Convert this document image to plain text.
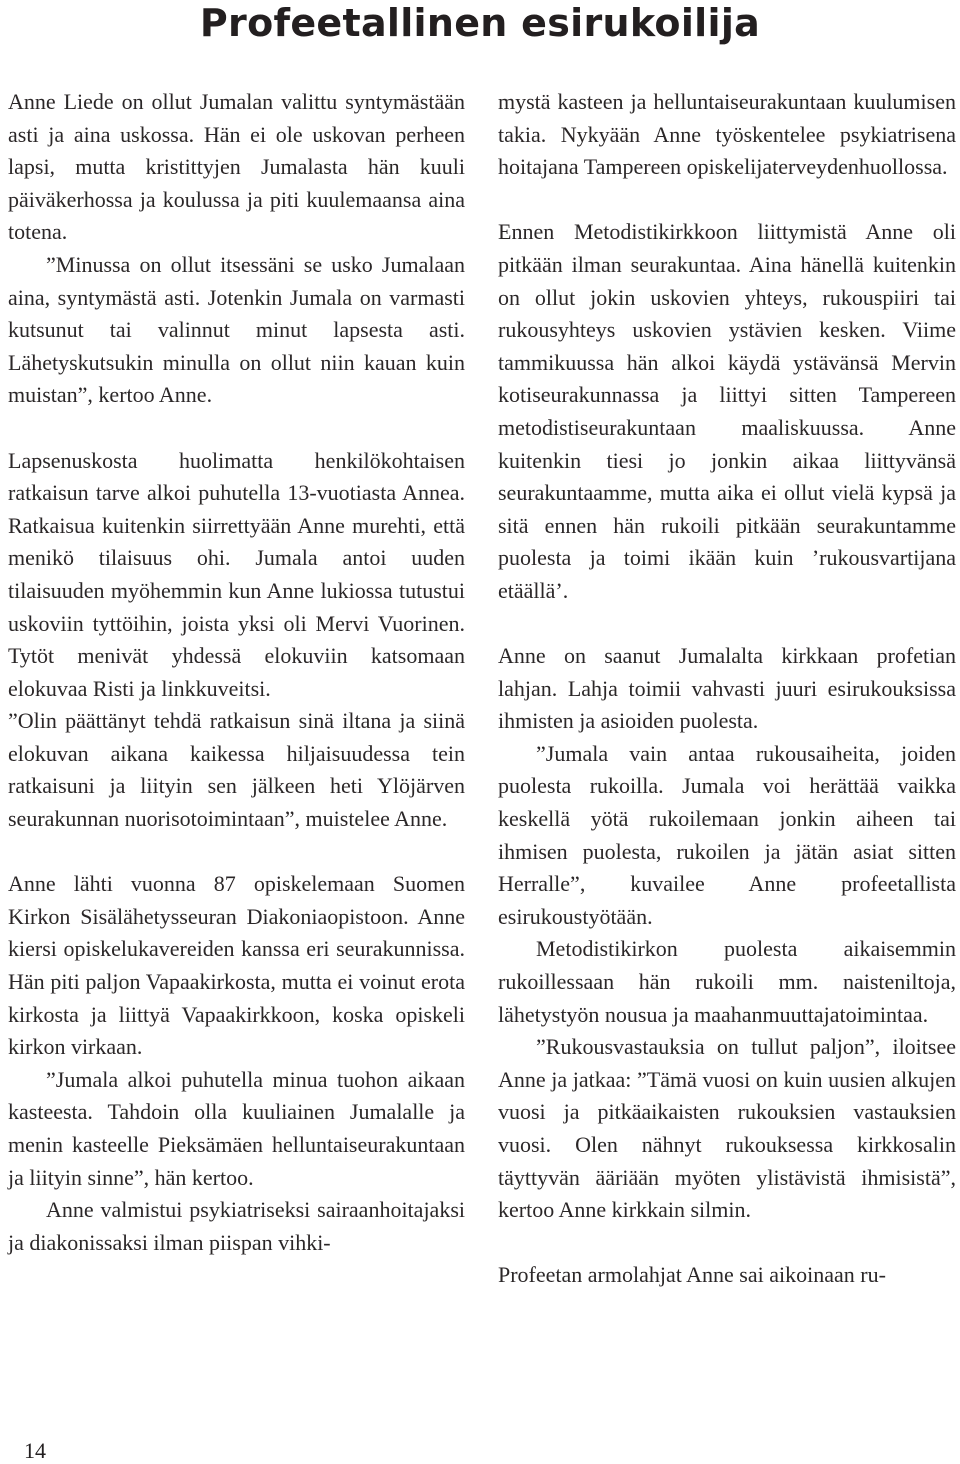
Profeetallinen esirukoilija

Anne Liede on ollut Jumalan valittu syntymästään asti ja aina uskossa. Hän ei ole uskovan perheen lapsi, mutta kristittyjen Jumalasta hän kuuli päiväkerhossa ja koulussa ja piti kuulemaansa aina totena.

”Minussa on ollut itsessäni se usko Jumalaan aina, syntymästä asti. Jotenkin Jumala on varmasti kutsunut tai valinnut minut lapsesta asti. Lähetyskutsukin minulla on ollut niin kauan kuin muistan”, kertoo Anne.

Lapsenuskosta huolimatta henkilökohtaisen ratkaisun tarve alkoi puhutella 13-vuotiasta Annea. Ratkaisua kuitenkin siirrettyään Anne murehti, että menikö tilaisuus ohi. Jumala antoi uuden tilaisuuden myöhemmin kun Anne lukiossa tutustui uskoviin tyttöihin, joista yksi oli Mervi Vuorinen. Tytöt menivät yhdessä elokuviin katsomaan elokuvaa Risti ja linkkuveitsi.

”Olin päättänyt tehdä ratkaisun sinä iltana ja siinä elokuvan aikana kaikessa hiljaisuudessa tein ratkaisuni ja liityin sen jälkeen heti Ylöjärven seurakunnan nuorisotoimintaan”, muistelee Anne.

Anne lähti vuonna 87 opiskelemaan Suomen Kirkon Sisälähetysseuran Diakoniaopistoon. Anne kiersi opiskelukavereiden kanssa eri seurakunnissa. Hän piti paljon Vapaakirkosta, mutta ei voinut erota kirkosta ja liittyä Vapaakirkkoon, koska opiskeli kirkon virkaan.

”Jumala alkoi puhutella minua tuohon aikaan kasteesta. Tahdoin olla kuuliainen Jumalalle ja menin kasteelle Pieksämäen helluntaiseurakuntaan ja liityin sinne”, hän kertoo.

Anne valmistui psykiatriseksi sairaanhoitajaksi ja diakonissaksi ilman piispan vihki-

mystä kasteen ja helluntaiseurakuntaan kuulumisen takia. Nykyään Anne työskentelee psykiatrisena hoitajana Tampereen opiskelijaterveydenhuollossa.

Ennen Metodistikirkkoon liittymistä Anne oli pitkään ilman seurakuntaa. Aina hänellä kuitenkin on ollut jokin uskovien yhteys, rukouspiiri tai rukousyhteys uskovien ystävien kesken. Viime tammikuussa hän alkoi käydä ystävänsä Mervin kotiseurakunnassa ja liittyi sitten Tampereen metodistiseurakuntaan maaliskuussa. Anne kuitenkin tiesi jo jonkin aikaa liittyvänsä seurakuntaamme, mutta aika ei ollut vielä kypsä ja sitä ennen hän rukoili pitkään seurakuntamme puolesta ja toimi ikään kuin ’rukousvartijana etäällä’.

Anne on saanut Jumalalta kirkkaan profetian lahjan. Lahja toimii vahvasti juuri esirukouksissa ihmisten ja asioiden puolesta.

”Jumala vain antaa rukousaiheita, joiden puolesta rukoilla. Jumala voi herättää vaikka keskellä yötä rukoilemaan jonkin aiheen tai ihmisen puolesta, rukoilen ja jätän asiat sitten Herralle”, kuvailee Anne profeetallista esirukoustyötään.

Metodistikirkon puolesta aikaisemmin rukoillessaan hän rukoili mm. naisteniltoja, lähetystyön nousua ja maahanmuuttajatoimintaa.

”Rukousvastauksia on tullut paljon”, iloitsee Anne ja jatkaa: ”Tämä vuosi on kuin uusien alkujen vuosi ja pitkäaikaisten rukouksien vastauksien vuosi. Olen nähnyt rukouksessa kirkkosalin täyttyvän ääriään myöten ylistävistä ihmisistä”, kertoo Anne kirkkain silmin.

Profeetan armolahjat Anne sai aikoinaan ru-

14
